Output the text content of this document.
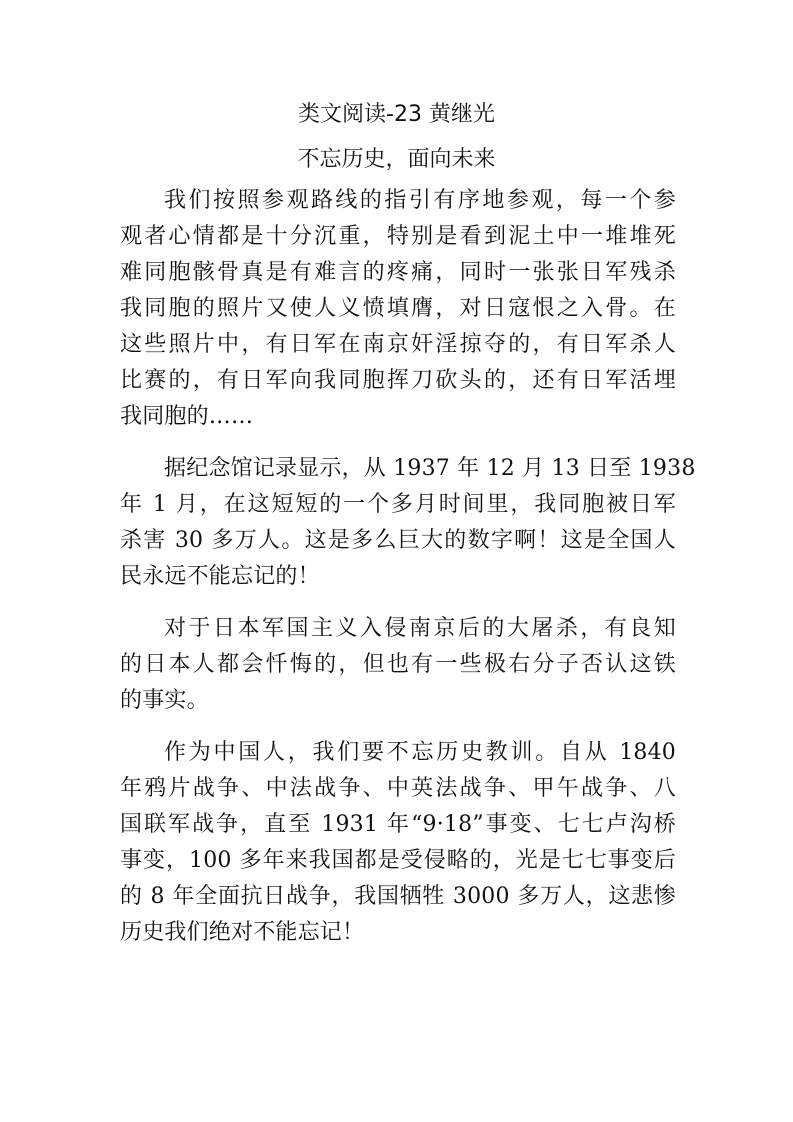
类文阅读-23 黄继光
不忘历史，面向未来
我们按照参观路线的指引有序地参观，每一个参
观者心情都是十分沉重，特别是看到泥土中一堆堆死
难同胞骸骨真是有难言的疼痛，同时一张张日军残杀
我同胞的照片又使人义愤填膺，对日寇恨之入骨。在
这些照片中，有日军在南京奸淫掠夺的，有日军杀人
比赛的，有日军向我同胞挥刀砍头的，还有日军活埋
我同胞的……
据纪念馆记录显示，从 1937 年 12 月 13 日至 1938
年 1 月，在这短短的一个多月时间里，我同胞被日军
杀害 30 多万人。这是多么巨大的数字啊！这是全国人
民永远不能忘记的！
对于日本军国主义入侵南京后的大屠杀，有良知
的日本人都会忏悔的，但也有一些极右分子否认这铁
的事实。
作为中国人，我们要不忘历史教训。自从 1840
年鸦片战争、中法战争、中英法战争、甲午战争、八
国联军战争，直至 1931 年“9·18”事变、七七卢沟桥
事变，100 多年来我国都是受侵略的，光是七七事变后
的 8 年全面抗日战争，我国牺牲 3000 多万人，这悲惨
历史我们绝对不能忘记！
